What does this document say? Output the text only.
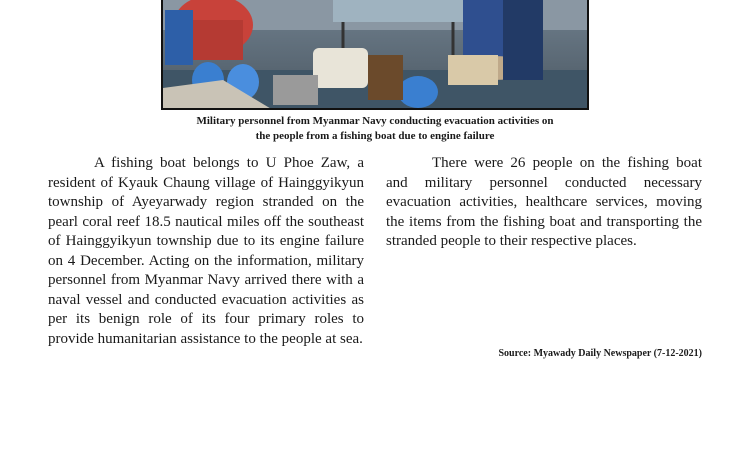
Military personnel from Myanmar Navy conducting evacuation activities on
the people from a fishing boat due to engine failure

A fishing boat belongs to U Phoe Zaw, a resident of Kyauk Chaung village of Hainggyikyun township of Ayeyarwady region stranded on the pearl coral reef 18.5 nautical miles off the southeast of Hainggyikyun township due to its engine failure on 4 December. Acting on the information, military personnel from Myanmar Navy arrived there with a naval vessel and conducted evacuation activities as per its benign role of its four primary roles to provide humanitarian assistance to the people at sea.

There were 26 people on the fishing boat and military personnel conducted necessary evacuation activities, healthcare services, moving the items from the fishing boat and transporting the stranded people to their respective places.

Source: Myawady Daily Newspaper (7-12-2021)
